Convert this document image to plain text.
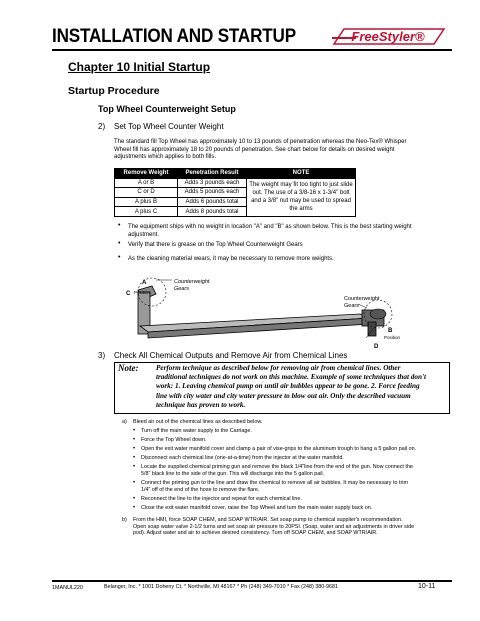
INSTALLATION AND STARTUP	FreeStyler®
Chapter 10 Initial Startup
Startup Procedure
Top Wheel Counterweight Setup
2) Set Top Wheel Counter Weight
The standard fill Top Wheel has approximately 10 to 13 pounds of penetration whereas the Neo-Tex® Whisper
Wheel fill has approximately 18 to 20 pounds of penetration. See chart below for details on desired weight
adjustments which applies to both fills.
Remove Weight	Penetration Result	NOTE
A or B	Adds 3 pounds each	The weight may fit too tight to just slide out. The use of a 3/8-16 x 1-3/4" bolt and a 3/8" nut may be used to spread the arms
C or D	Adds 5 pounds each	
A plus B	Adds 6 pounds total	
A plus C	Adds 8 pounds total	
• The equipment ships with no weight in location "A" and "B" as shown below. This is the best starting weight
adjustment.
• Verify that there is grease on the Top Wheel Counterweight Gears
• As the cleaning material wears, it may be necessary to remove more weights.
A
C Position
Counterweight
Gears
Counterweight
Gears
B
Position
D
3) Check All Chemical Outputs and Remove Air from Chemical Lines
Note: Perform technique as described below for removing air from chemical lines. Other
traditional techniques do not work on this machine. Example of some techniques that don't
work: 1. Leaving chemical pump on until air bubbles appear to be gone. 2. Force feeding
line with city water and city water pressure to blow out air. Only the described vacuum
technique has proven to work.
a) Bleed air out of the chemical lines as described below.
• Turn off the main water supply to the Carriage.
• Force the Top Wheel down.
• Open the exit water manifold cover and clamp a pair of vise-grips to the aluminum trough to hang a 5 gallon pail on.
• Disconnect each chemical line (one-at-a-time) from the injector at the water manifold.
• Locate the supplied chemical priming gun and remove the black 1/4"line from the end of the gun. Now connect the
5/8" black line to the side of the gun. This will discharge into the 5 gallon pail.
• Connect the priming gun to the line and draw the chemical to remove all air bubbles. It may be necessary to trim
1/4" off of the end of the hose to remove the flare.
• Reconnect the line to the injector and repeat for each chemical line.
• Close the exit water manifold cover, raise the Top Wheel and turn the main water supply back on.
b) From the HMI, force SOAP CHEM, and SOAP WTR/AIR. Set soap pump to chemical supplier's recommendation.
Open soap water valve 2-1/2 turns and set soap air pressure to 20PSI. (Soap, water and air adjustments in driver side
pod). Adjust water and air to achieve desired consistency. Turn off SOAP CHEM, and SOAP WTR/AIR.
1MANUL220	Belanger, Inc. * 1001 Doheny Ct. * Northville, MI 48167 * Ph (248) 349-7010 * Fax (248) 380-9681	10-11
